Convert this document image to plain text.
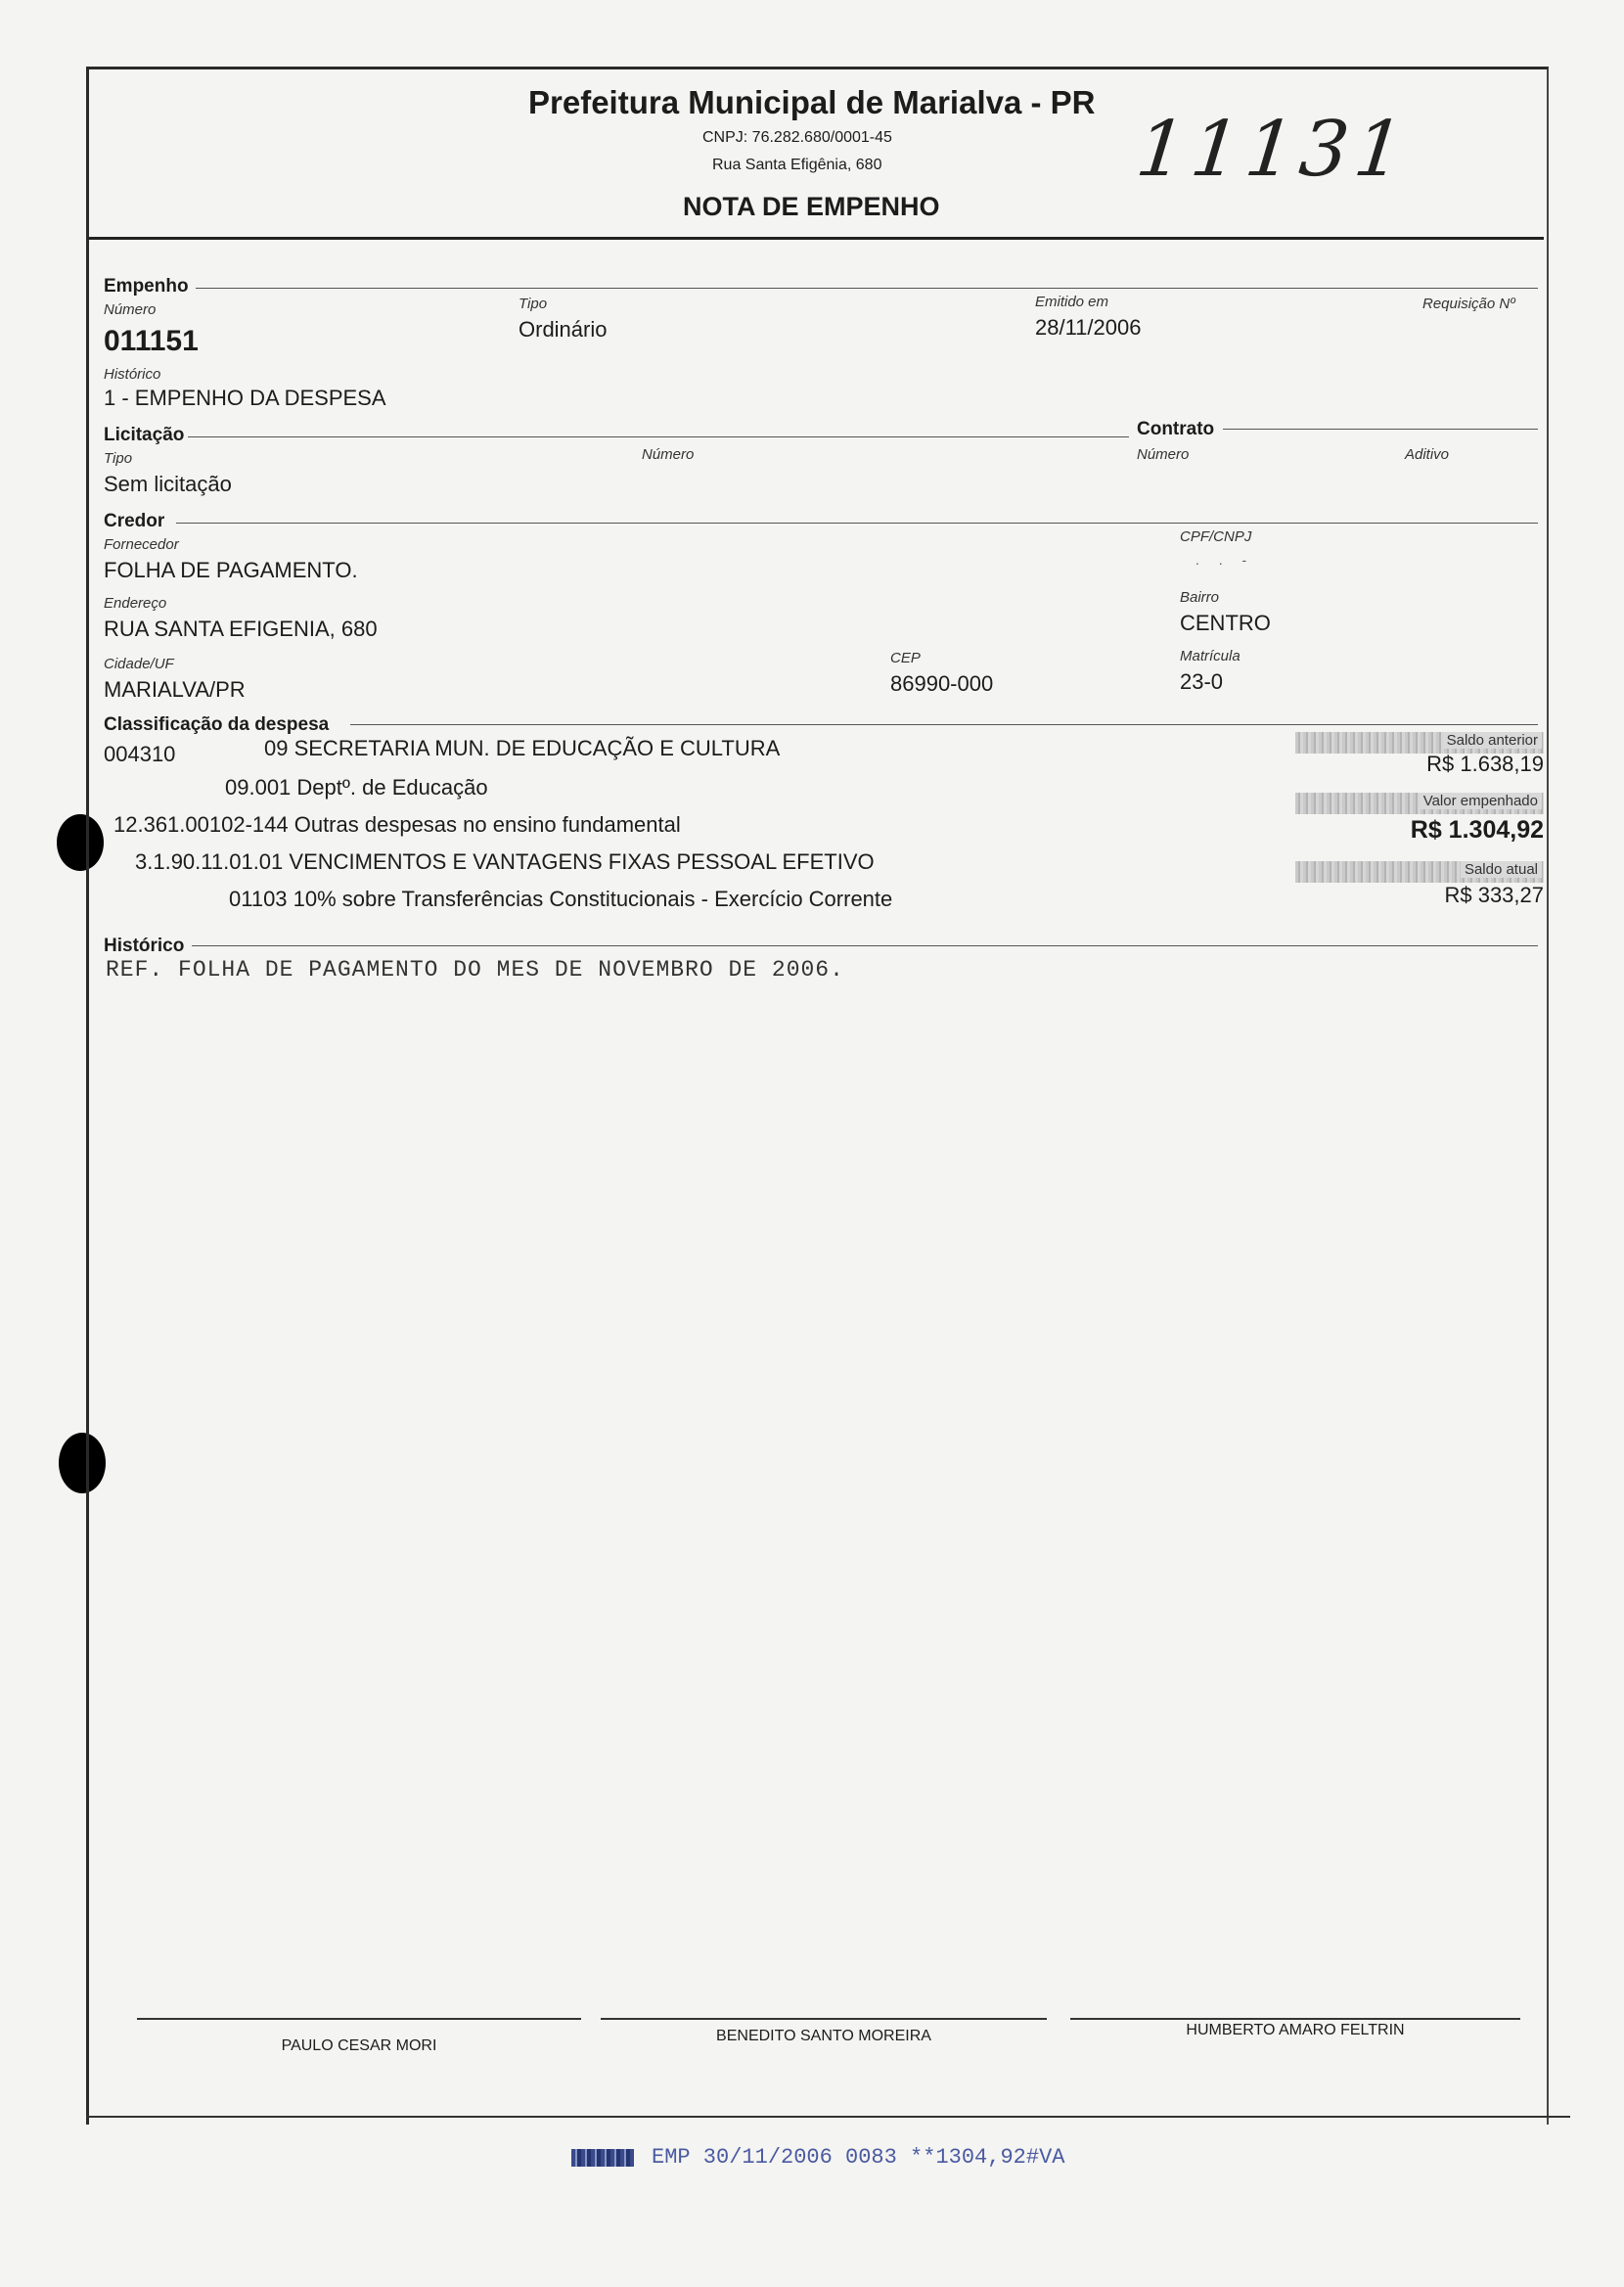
Prefeitura Municipal de Marialva - PR
CNPJ: 76.282.680/0001-45
Rua Santa Efigênia, 680
NOTA DE EMPENHO
11131
Empenho
Número
011151
Tipo
Ordinário
Emitido em
28/11/2006
Requisição Nº
Histórico
1 - EMPENHO DA DESPESA
Licitação	Contrato
Tipo
Sem licitação
Número	Número	Aditivo
Credor
Fornecedor
FOLHA DE PAGAMENTO.
CPF/CNPJ
. . -
Endereço
RUA SANTA EFIGENIA, 680
Bairro
CENTRO
Cidade/UF
MARIALVA/PR
CEP
86990-000
Matrícula
23-0
Classificação da despesa
004310	09 SECRETARIA MUN. DE EDUCAÇÃO E CULTURA
09.001 Deptº. de Educação
12.361.00102-144 Outras despesas no ensino fundamental
3.1.90.11.01.01 VENCIMENTOS E VANTAGENS FIXAS PESSOAL EFETIVO
01103 10% sobre Transferências Constitucionais - Exercício Corrente
Saldo anterior
R$ 1.638,19
Valor empenhado
R$ 1.304,92
Saldo atual
R$ 333,27
Histórico
REF. FOLHA DE PAGAMENTO DO MES DE NOVEMBRO DE 2006.
PAULO CESAR MORI
BENEDITO SANTO MOREIRA	HUMBERTO AMARO FELTRIN
EMP 30/11/2006 0083 **1304,92#VA
